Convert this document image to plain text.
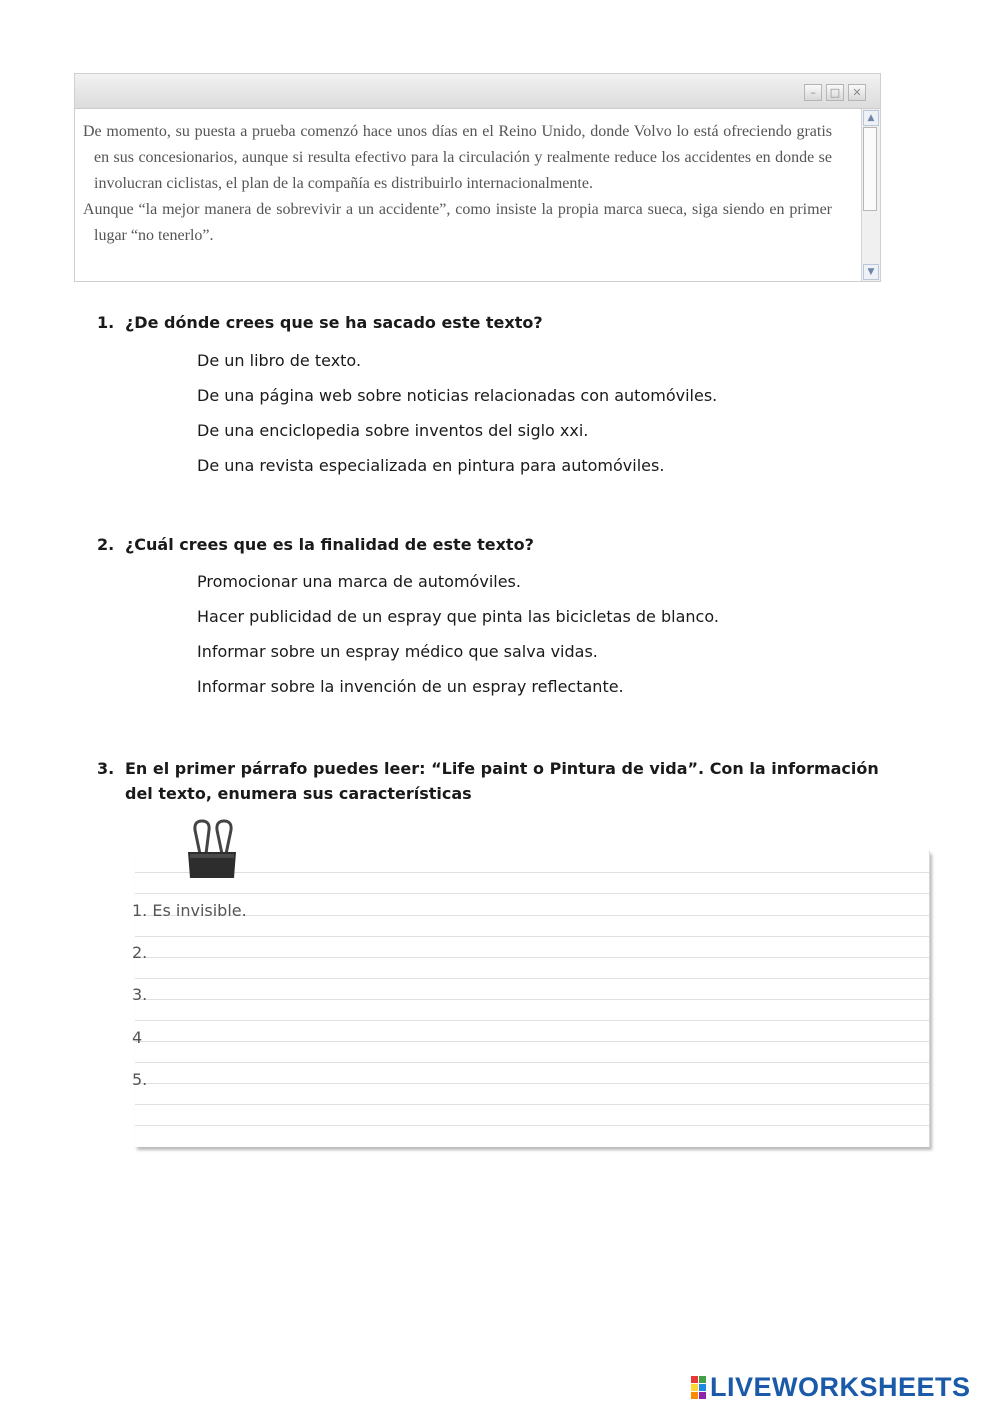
–	□	✕

De momento, su puesta a prueba comenzó hace unos días en el Reino Unido, donde Volvo lo está ofreciendo gratis en sus concesionarios, aunque si resulta efectivo para la circulación y realmente reduce los accidentes en donde se involucran ciclistas, el plan de la compañía es distribuirlo internacionalmente.

Aunque “la mejor manera de sobrevivir a un accidente”, como insiste la propia marca sueca, siga siendo en primer lugar “no tenerlo”.

▲
▼
1. ¿De dónde crees que se ha sacado este texto?
De un libro de texto.
De una página web sobre noticias relacionadas con automóviles.
De una enciclopedia sobre inventos del siglo xxi.
De una revista especializada en pintura para automóviles.
2. ¿Cuál crees que es la finalidad de este texto?
Promocionar una marca de automóviles.
Hacer publicidad de un espray que pinta las bicicletas de blanco.
Informar sobre un espray médico que salva vidas.
Informar sobre la invención de un espray reflectante.
3. En el primer párrafo puedes leer: “Life paint o Pintura de vida”. Con la información del texto, enumera sus características
1. Es invisible.
2.
3.
4
5.
LIVEWORKSHEETS
